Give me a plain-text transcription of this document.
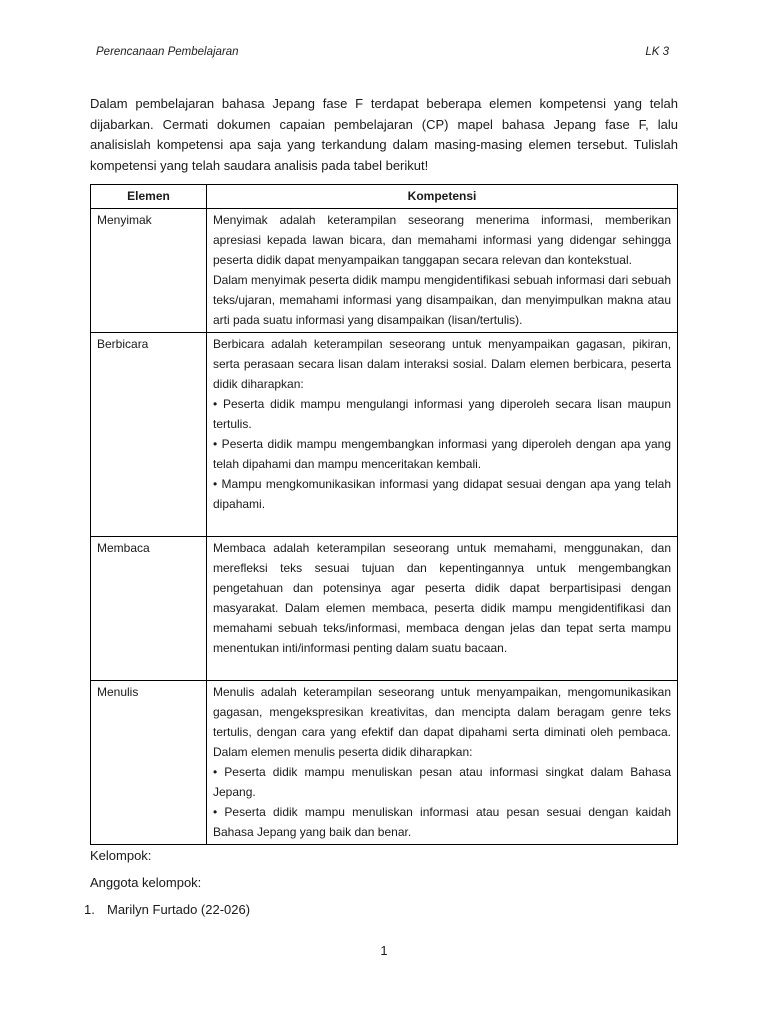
Perencanaan Pembelajaran	LK 3

Dalam pembelajaran bahasa Jepang fase F terdapat beberapa elemen kompetensi yang telah dijabarkan. Cermati dokumen capaian pembelajaran (CP) mapel bahasa Jepang fase F, lalu analisislah kompetensi apa saja yang terkandung dalam masing-masing elemen tersebut. Tulislah kompetensi yang telah saudara analisis pada tabel berikut!

Elemen	Kompetensi
Menyimak	Menyimak adalah keterampilan seseorang menerima informasi, memberikan apresiasi kepada lawan bicara, dan memahami informasi yang didengar sehingga peserta didik dapat menyampaikan tanggapan secara relevan dan kontekstual.

Dalam menyimak peserta didik mampu mengidentifikasi sebuah informasi dari sebuah teks/ujaran, memahami informasi yang disampaikan, dan menyimpulkan makna atau arti pada suatu informasi yang disampaikan (lisan/tertulis).

Berbicara	Berbicara adalah keterampilan seseorang untuk menyampaikan gagasan, pikiran, serta perasaan secara lisan dalam interaksi sosial. Dalam elemen berbicara, peserta didik diharapkan:

• Peserta didik mampu mengulangi informasi yang diperoleh secara lisan maupun tertulis.

• Peserta didik mampu mengembangkan informasi yang diperoleh dengan apa yang telah dipahami dan mampu menceritakan kembali.

• Mampu mengkomunikasikan informasi yang didapat sesuai dengan apa yang telah dipahami.

Membaca	Membaca adalah keterampilan seseorang untuk memahami, menggunakan, dan merefleksi teks sesuai tujuan dan kepentingannya untuk mengembangkan pengetahuan dan potensinya agar peserta didik dapat berpartisipasi dengan masyarakat. Dalam elemen membaca, peserta didik mampu mengidentifikasi dan memahami sebuah teks/informasi, membaca dengan jelas dan tepat serta mampu menentukan inti/informasi penting dalam suatu bacaan.

Menulis	Menulis adalah keterampilan seseorang untuk menyampaikan, mengomunikasikan gagasan, mengekspresikan kreativitas, dan mencipta dalam beragam genre teks tertulis, dengan cara yang efektif dan dapat dipahami serta diminati oleh pembaca. Dalam elemen menulis peserta didik diharapkan:

• Peserta didik mampu menuliskan pesan atau informasi singkat dalam Bahasa Jepang.

• Peserta didik mampu menuliskan informasi atau pesan sesuai dengan kaidah Bahasa Jepang yang baik dan benar.

Kelompok:

Anggota kelompok:

1. Marilyn Furtado (22-026)
1
